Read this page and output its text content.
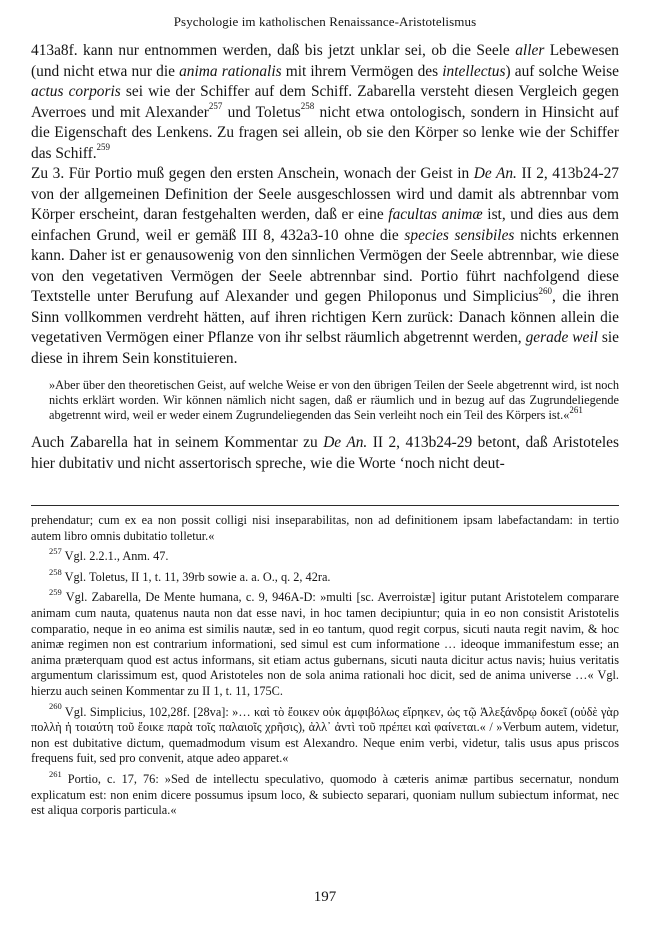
Psychologie im katholischen Renaissance-Aristotelismus

413a8f. kann nur entnommen werden, daß bis jetzt unklar sei, ob die Seele aller Lebewesen (und nicht etwa nur die anima rationalis mit ihrem Vermögen des intellectus) auf solche Weise actus corporis sei wie der Schiffer auf dem Schiff. Zabarella versteht diesen Vergleich gegen Averroes und mit Alexander$^{257}$ und Toletus$^{258}$ nicht etwa ontologisch, sondern in Hinsicht auf die Eigenschaft des Lenkens. Zu fragen sei allein, ob sie den Körper so lenke wie der Schiffer das Schiff.$^{259}$

Zu 3. Für Portio muß gegen den ersten Anschein, wonach der Geist in De An. II 2, 413b24-27 von der allgemeinen Definition der Seele ausgeschlossen wird und damit als abtrennbar vom Körper erscheint, daran festgehalten werden, daß er eine facultas animæ ist, und dies aus dem einfachen Grund, weil er gemäß III 8, 432a3-10 ohne die species sensibiles nichts erkennen kann. Daher ist er genausowenig von den sinnlichen Vermögen der Seele abtrennbar, wie diese von den vegetativen Vermögen der Seele abtrennbar sind. Portio führt nachfolgend diese Textstelle unter Berufung auf Alexander und gegen Philoponus und Simplicius$^{260}$, die ihren Sinn vollkommen verdreht hätten, auf ihren richtigen Kern zurück: Danach können allein die vegetativen Vermögen einer Pflanze von ihr selbst räumlich abgetrennt werden, gerade weil sie diese in ihrem Sein konstituieren.

»Aber über den theoretischen Geist, auf welche Weise er von den übrigen Teilen der Seele abgetrennt wird, ist noch nichts erklärt worden. Wir können nämlich nicht sagen, daß er räumlich und in bezug auf das Zugrundeliegende abgetrennt wird, weil er weder einem Zugrundeliegenden das Sein verleiht noch ein Teil des Körpers ist.«$^{261}$

Auch Zabarella hat in seinem Kommentar zu De An. II 2, 413b24-29 betont, daß Aristoteles hier dubitativ und nicht assertorisch spreche, wie die Worte ‘noch nicht deut-

prehendatur; cum ex ea non possit colligi nisi inseparabilitas, non ad definitionem ipsam labefactandam: in tertio autem libro omnis dubitatio tolletur.«

$^{257}$ Vgl. 2.2.1., Anm. 47.

$^{258}$ Vgl. Toletus, II 1, t. 11, 39rb sowie a. a. O., q. 2, 42ra.

$^{259}$ Vgl. Zabarella, De Mente humana, c. 9, 946A-D: »multi [sc. Averroistæ] igitur putant Aristotelem comparare animam cum nauta, quatenus nauta non dat esse navi, in hoc tamen decipiuntur; quia in eo non consistit Aristotelis comparatio, neque in eo anima est similis nautæ, sed in eo tantum, quod regit corpus, sicuti nauta regit navim, & hoc animæ regimen non est contrarium informationi, sed simul est cum informatione … ideoque immanifestum esse; an anima præterquam quod est actus informans, sit etiam actus gubernans, sicuti nauta dicitur actus navis; huius veritatis argumentum clarissimum est, quod Aristoteles non de sola anima rationali hoc dicit, sed de anima universe …« Vgl. hierzu auch seinen Kommentar zu II 1, t. 11, 175C.

$^{260}$ Vgl. Simplicius, 102,28f. [28va]: »… καὶ τὸ ἔοικεν οὐκ ἀμφιβόλως εἴρηκεν, ὡς τῷ Ἀλεξάνδρῳ δοκεῖ (οὐδὲ γὰρ πολλὴ ἡ τοιαύτη τοῦ ἔοικε παρὰ τοῖς παλαιοῖς χρῆσις), ἀλλ᾽ ἀντὶ τοῦ πρέπει καὶ φαίνεται.« / »Verbum autem, videtur, non est dubitative dictum, quemadmodum visum est Alexandro. Neque enim verbi, videtur, talis usus apus priscos frequens fuit, sed pro convenit, atque adeo apparet.«

$^{261}$ Portio, c. 17, 76: »Sed de intellectu speculativo, quomodo à cæteris animæ partibus secernatur, nondum explicatum est: non enim dicere possumus ipsum loco, & subiecto separari, quoniam nullum subiectum informat, nec est aliqua corporis particula.«

197
